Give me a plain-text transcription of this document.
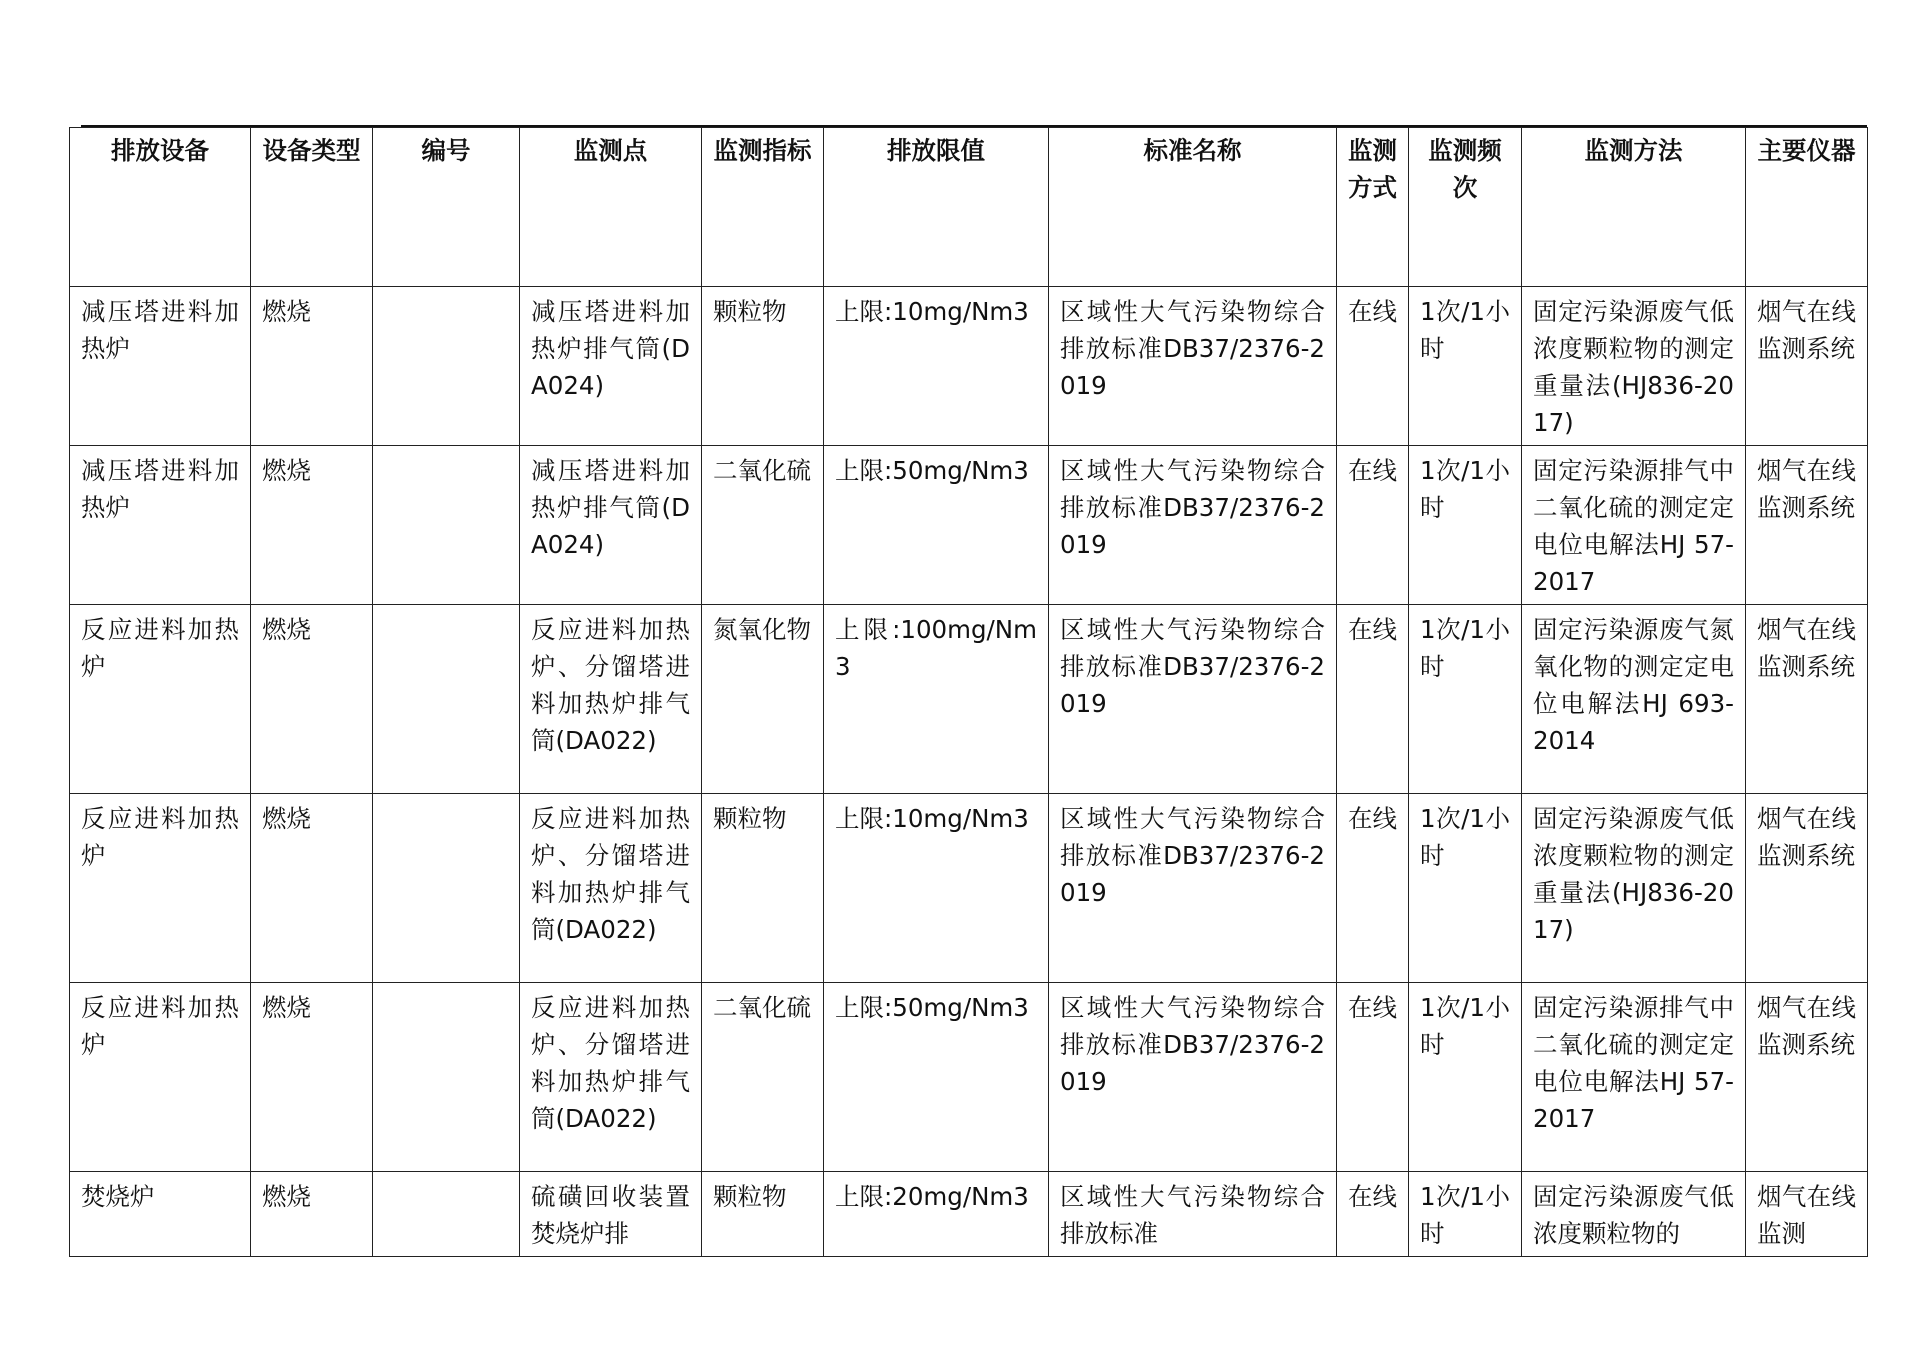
排放设备	设备类型	编号	监测点	监测指标	排放限值	标准名称	监测方式	监测频次	监测方法	主要仪器
减压塔进料加热炉	燃烧		减压塔进料加热炉排气筒(DA024)	颗粒物	上限:10mg/Nm3	区域性大气污染物综合排放标准DB37/2376-2019	在线	1次/1小时	固定污染源废气低浓度颗粒物的测定重量法(HJ836-2017)	烟气在线监测系统
减压塔进料加热炉	燃烧		减压塔进料加热炉排气筒(DA024)	二氧化硫	上限:50mg/Nm3	区域性大气污染物综合排放标准DB37/2376-2019	在线	1次/1小时	固定污染源排气中二氧化硫的测定定电位电解法HJ 57-2017	烟气在线监测系统
反应进料加热炉	燃烧		反应进料加热炉、分馏塔进料加热炉排气筒(DA022)	氮氧化物	上限:100mg/Nm3	区域性大气污染物综合排放标准DB37/2376-2019	在线	1次/1小时	固定污染源废气氮氧化物的测定定电位电解法HJ 693-2014	烟气在线监测系统
反应进料加热炉	燃烧		反应进料加热炉、分馏塔进料加热炉排气筒(DA022)	颗粒物	上限:10mg/Nm3	区域性大气污染物综合排放标准DB37/2376-2019	在线	1次/1小时	固定污染源废气低浓度颗粒物的测定重量法(HJ836-2017)	烟气在线监测系统
反应进料加热炉	燃烧		反应进料加热炉、分馏塔进料加热炉排气筒(DA022)	二氧化硫	上限:50mg/Nm3	区域性大气污染物综合排放标准DB37/2376-2019	在线	1次/1小时	固定污染源排气中二氧化硫的测定定电位电解法HJ 57-2017	烟气在线监测系统
焚烧炉	燃烧		硫磺回收装置焚烧炉排	颗粒物	上限:20mg/Nm3	区域性大气污染物综合排放标准	在线	1次/1小时	固定污染源废气低浓度颗粒物的	烟气在线监测
